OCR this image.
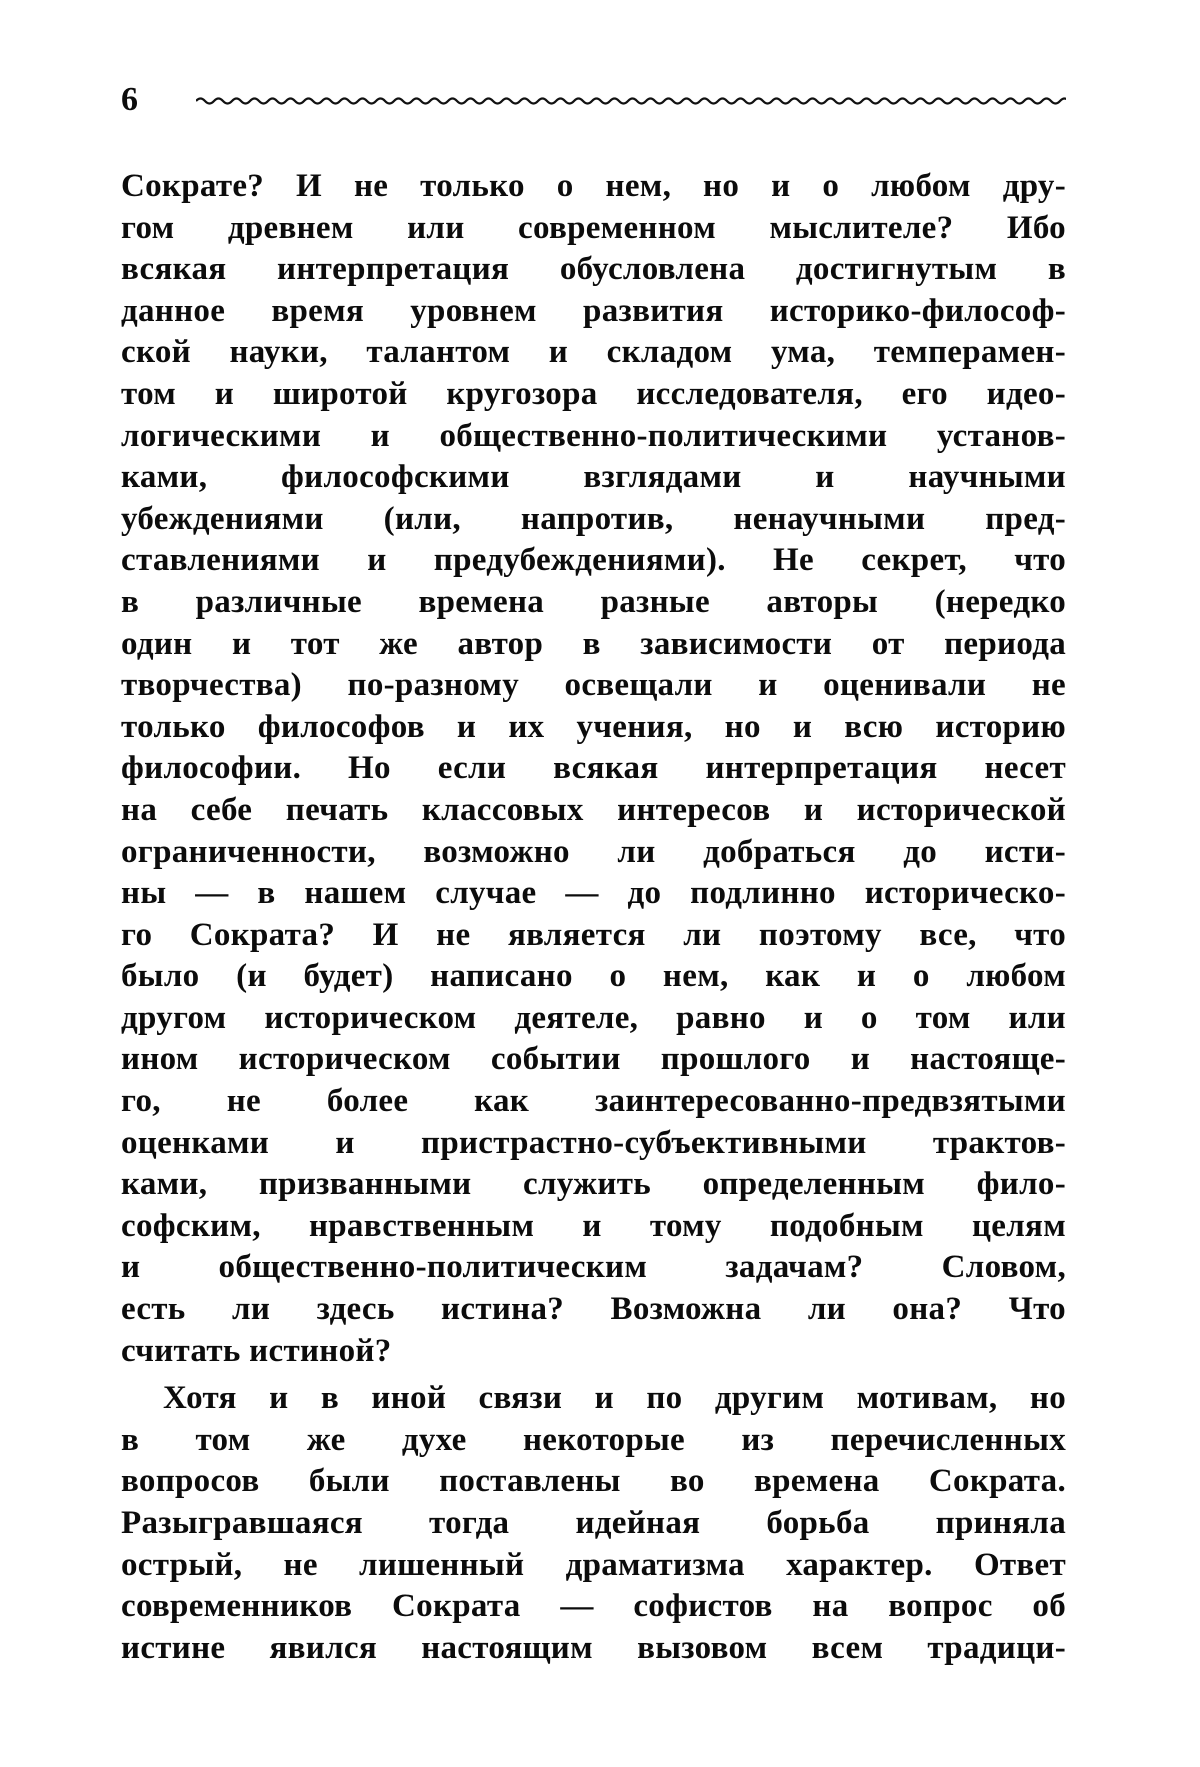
6
Сократе? И не только о нем, но и о любом дру-
гом древнем или современном мыслителе? Ибо
всякая интерпретация обусловлена достигнутым в
данное время уровнем развития историко-философ-
ской науки, талантом и складом ума, темперамен-
том и широтой кругозора исследователя, его идео-
логическими и общественно-политическими установ-
ками, философскими взглядами и научными
убеждениями (или, напротив, ненаучными пред-
ставлениями и предубеждениями). Не секрет, что
в различные времена разные авторы (нередко
один и тот же автор в зависимости от периода
творчества) по-разному освещали и оценивали не
только философов и их учения, но и всю историю
философии. Но если всякая интерпретация несет
на себе печать классовых интересов и исторической
ограниченности, возможно ли добраться до исти-
ны — в нашем случае — до подлинно историческо-
го Сократа? И не является ли поэтому все, что
было (и будет) написано о нем, как и о любом
другом историческом деятеле, равно и о том или
ином историческом событии прошлого и настояще-
го, не более как заинтересованно-предвзятыми
оценками и пристрастно-субъективными трактов-
ками, призванными служить определенным фило-
софским, нравственным и тому подобным целям
и общественно-политическим задачам? Словом,
есть ли здесь истина? Возможна ли она? Что
считать истиной?
Хотя и в иной связи и по другим мотивам, но
в том же духе некоторые из перечисленных
вопросов были поставлены во времена Сократа.
Разыгравшаяся тогда идейная борьба приняла
острый, не лишенный драматизма характер. Ответ
современников Сократа — софистов на вопрос об
истине явился настоящим вызовом всем традици-
